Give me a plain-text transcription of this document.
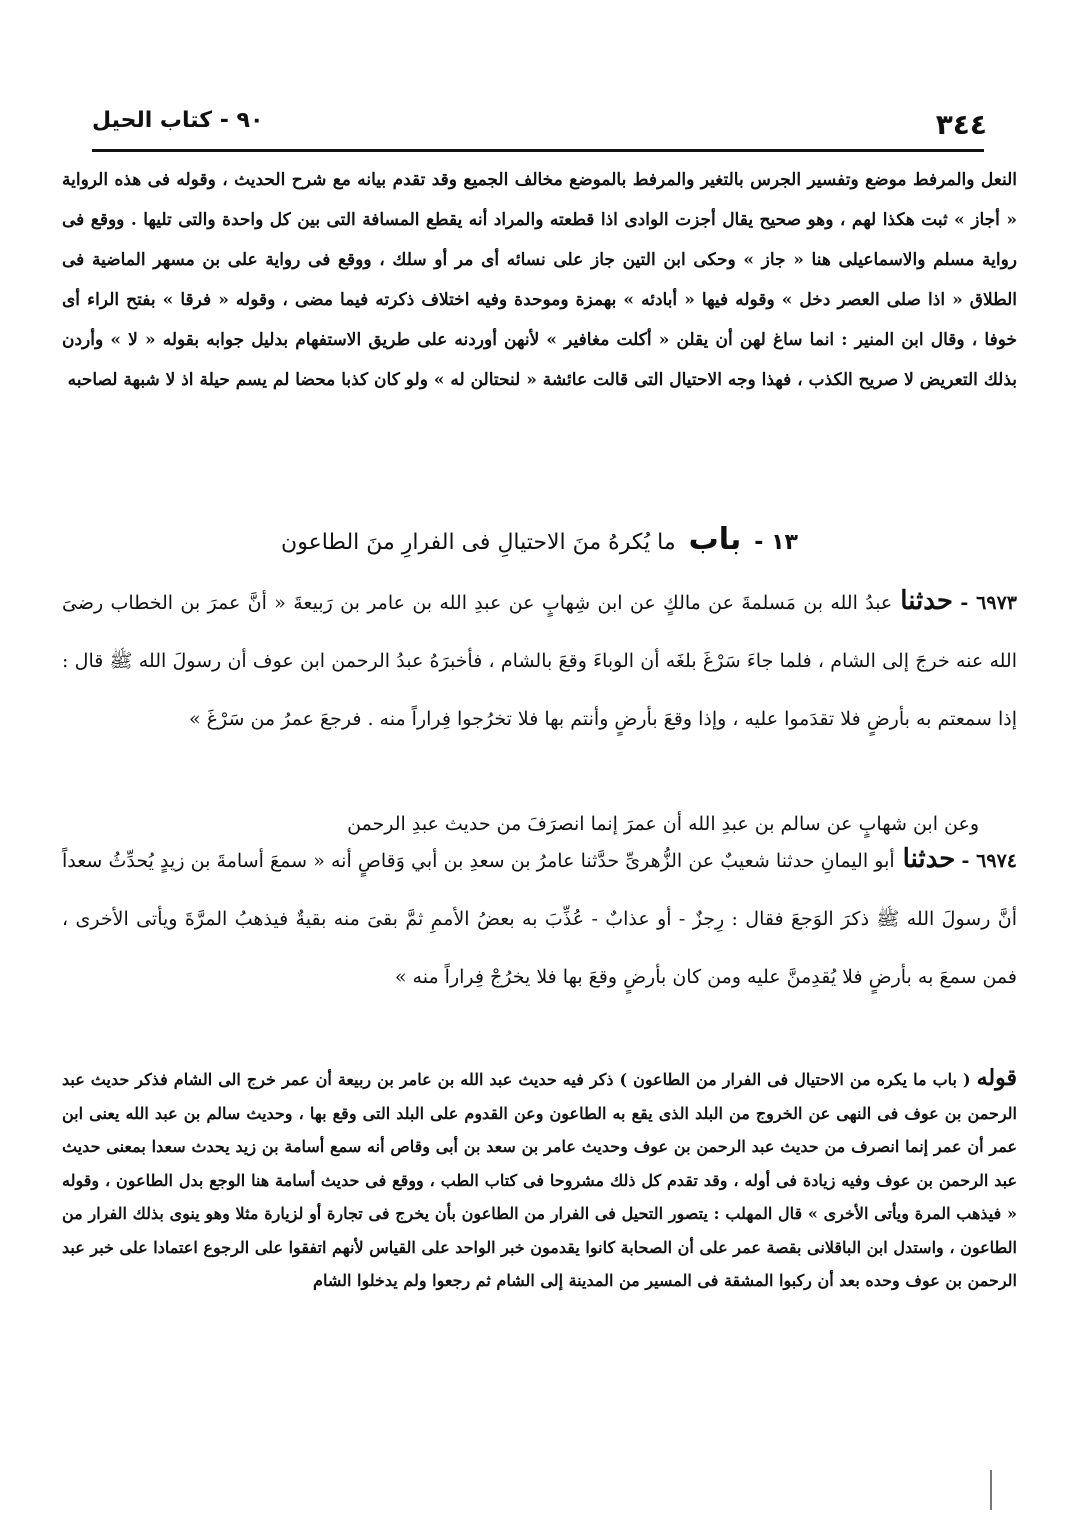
٣٤٤
٩٠ - كتاب الحيل

النعل والمرفط موضع وتفسير الجرس بالتغير والمرفط بالموضع مخالف الجميع وقد تقدم بيانه مع شرح الحديث ، وقوله فى هذه الرواية « أجاز » ثبت هكذا لهم ، وهو صحيح يقال أجزت الوادى اذا قطعته والمراد أنه يقطع المسافة التى بين كل واحدة والتى تليها . ووقع فى رواية مسلم والاسماعيلى هنا « جاز » وحكى ابن التين جاز على نسائه أى مر أو سلك ، ووقع فى رواية على بن مسهر الماضية فى الطلاق « اذا صلى العصر دخل » وقوله فيها « أبادئه » بهمزة وموحدة وفيه اختلاف ذكرته فيما مضى ، وقوله « فرقا » بفتح الراء أى خوفا ، وقال ابن المنير : انما ساغ لهن أن يقلن « أكلت مغافير » لأنهن أوردنه على طريق الاستفهام بدليل جوابه بقوله « لا » وأردن بذلك التعريض لا صريح الكذب ، فهذا وجه الاحتيال التى قالت عائشة « لنحتالن له » ولو كان كذبا محضا لم يسم حيلة اذ لا شبهة لصاحبه

١٣ - باب ما يُكرهُ منَ الاحتيالِ فى الفرارِ منَ الطاعون

٦٩٧٣ - حدثناعبدُ الله بن مَسلمةَ عن مالكٍ عن ابن شِهابٍ عن عبدِ الله بن عامر بن رَبيعةَ « أنَّ عمرَ بن الخطاب رضىَ الله عنه خرجَ إلى الشام ، فلما جاءَ سَرْغَ بلغَه أن الوباءَ وقعَ بالشام ، فأخبرَهُ عبدُ الرحمن ابن عوف أن رسولَ الله ﷺ قال : إذا سمعتم به بأرضٍ فلا تقدَموا عليه ، وإذا وقعَ بأرضٍ وأنتم بها فلا تخرُجوا فِراراً منه . فرجعَ عمرُ من سَرْغَ »

وعن ابن شهابٍ عن سالم بن عبدِ الله أن عمرَ إنما انصرَفَ من حديث عبدِ الرحمن

٦٩٧٤ - حدثناأبو اليمانِ حدثنا شعيبٌ عن الزُّهرىِّ حدَّثنا عامرُ بن سعدِ بن أبي وَقاصٍ أنه « سمعَ أسامةَ بن زيدٍ يُحدِّثُ سعداً أنَّ رسولَ الله ﷺ ذكرَ الوَجعَ فقال : رِجزٌ - أو عذابٌ - عُذِّبَ به بعضُ الأممِ ثمَّ بقىَ منه بقيةٌ فيذهبُ المرَّةَ ويأتى الأخرى ، فمن سمعَ به بأرضٍ فلا يُقدِمنَّ عليه ومن كان بأرضٍ وقعَ بها فلا يخرُجْ فِراراً منه »

قوله( باب ما يكره من الاحتيال فى الفرار من الطاعون ) ذكر فيه حديث عبد الله بن عامر بن ربيعة أن عمر خرج الى الشام فذكر حديث عبد الرحمن بن عوف فى النهى عن الخروج من البلد الذى يقع به الطاعون وعن القدوم على البلد التى وقع بها ، وحديث سالم بن عبد الله يعنى ابن عمر أن عمر إنما انصرف من حديث عبد الرحمن بن عوف وحديث عامر بن سعد بن أبى وقاص أنه سمع أسامة بن زيد يحدث سعدا بمعنى حديث عبد الرحمن بن عوف وفيه زيادة فى أوله ، وقد تقدم كل ذلك مشروحا فى كتاب الطب ، ووقع فى حديث أسامة هنا الوجع بدل الطاعون ، وقوله « فيذهب المرة ويأتى الأخرى » قال المهلب : يتصور التحيل فى الفرار من الطاعون بأن يخرج فى تجارة أو لزيارة مثلا وهو ينوى بذلك الفرار من الطاعون ، واستدل ابن الباقلانى بقصة عمر على أن الصحابة كانوا يقدمون خبر الواحد على القياس لأنهم اتفقوا على الرجوع اعتمادا على خبر عبد الرحمن بن عوف وحده بعد أن ركبوا المشقة فى المسير من المدينة إلى الشام ثم رجعوا ولم يدخلوا الشام
